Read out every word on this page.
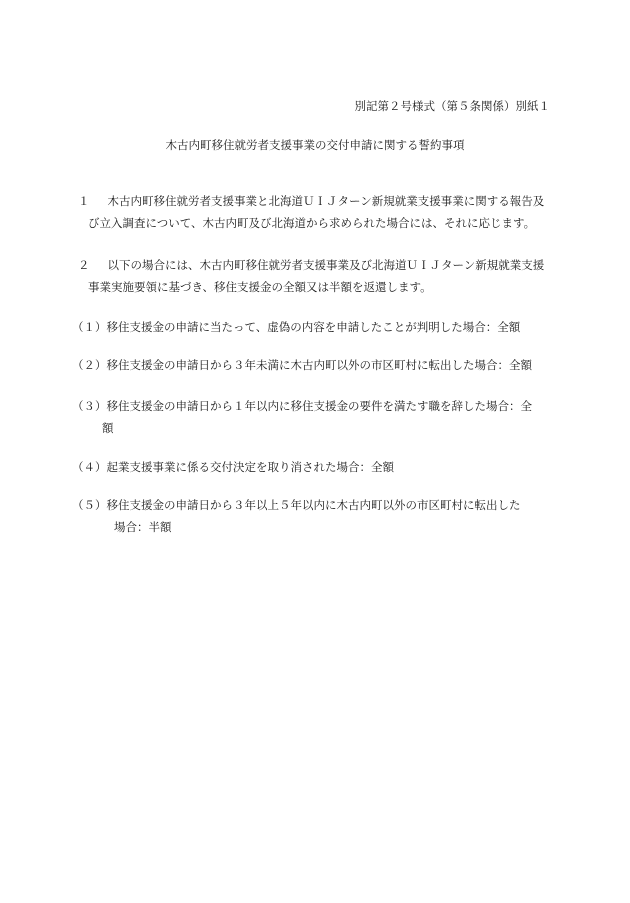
別記第２号様式（第５条関係）別紙１
木古内町移住就労者支援事業の交付申請に関する誓約事項
１ 木古内町移住就労者支援事業と北海道ＵＩＪターン新規就業支援事業に関する報告及
び立入調査について、木古内町及び北海道から求められた場合には、それに応じます。
２ 以下の場合には、木古内町移住就労者支援事業及び北海道ＵＩＪターン新規就業支援
事業実施要領に基づき、移住支援金の全額又は半額を返還します。
（１）移住支援金の申請に当たって、虚偽の内容を申請したことが判明した場合：全額
（２）移住支援金の申請日から３年未満に木古内町以外の市区町村に転出した場合：全額
（３）移住支援金の申請日から１年以内に移住支援金の要件を満たす職を辞した場合：全
額
（４）起業支援事業に係る交付決定を取り消された場合：全額
（５）移住支援金の申請日から３年以上５年以内に木古内町以外の市区町村に転出した
場合：半額
